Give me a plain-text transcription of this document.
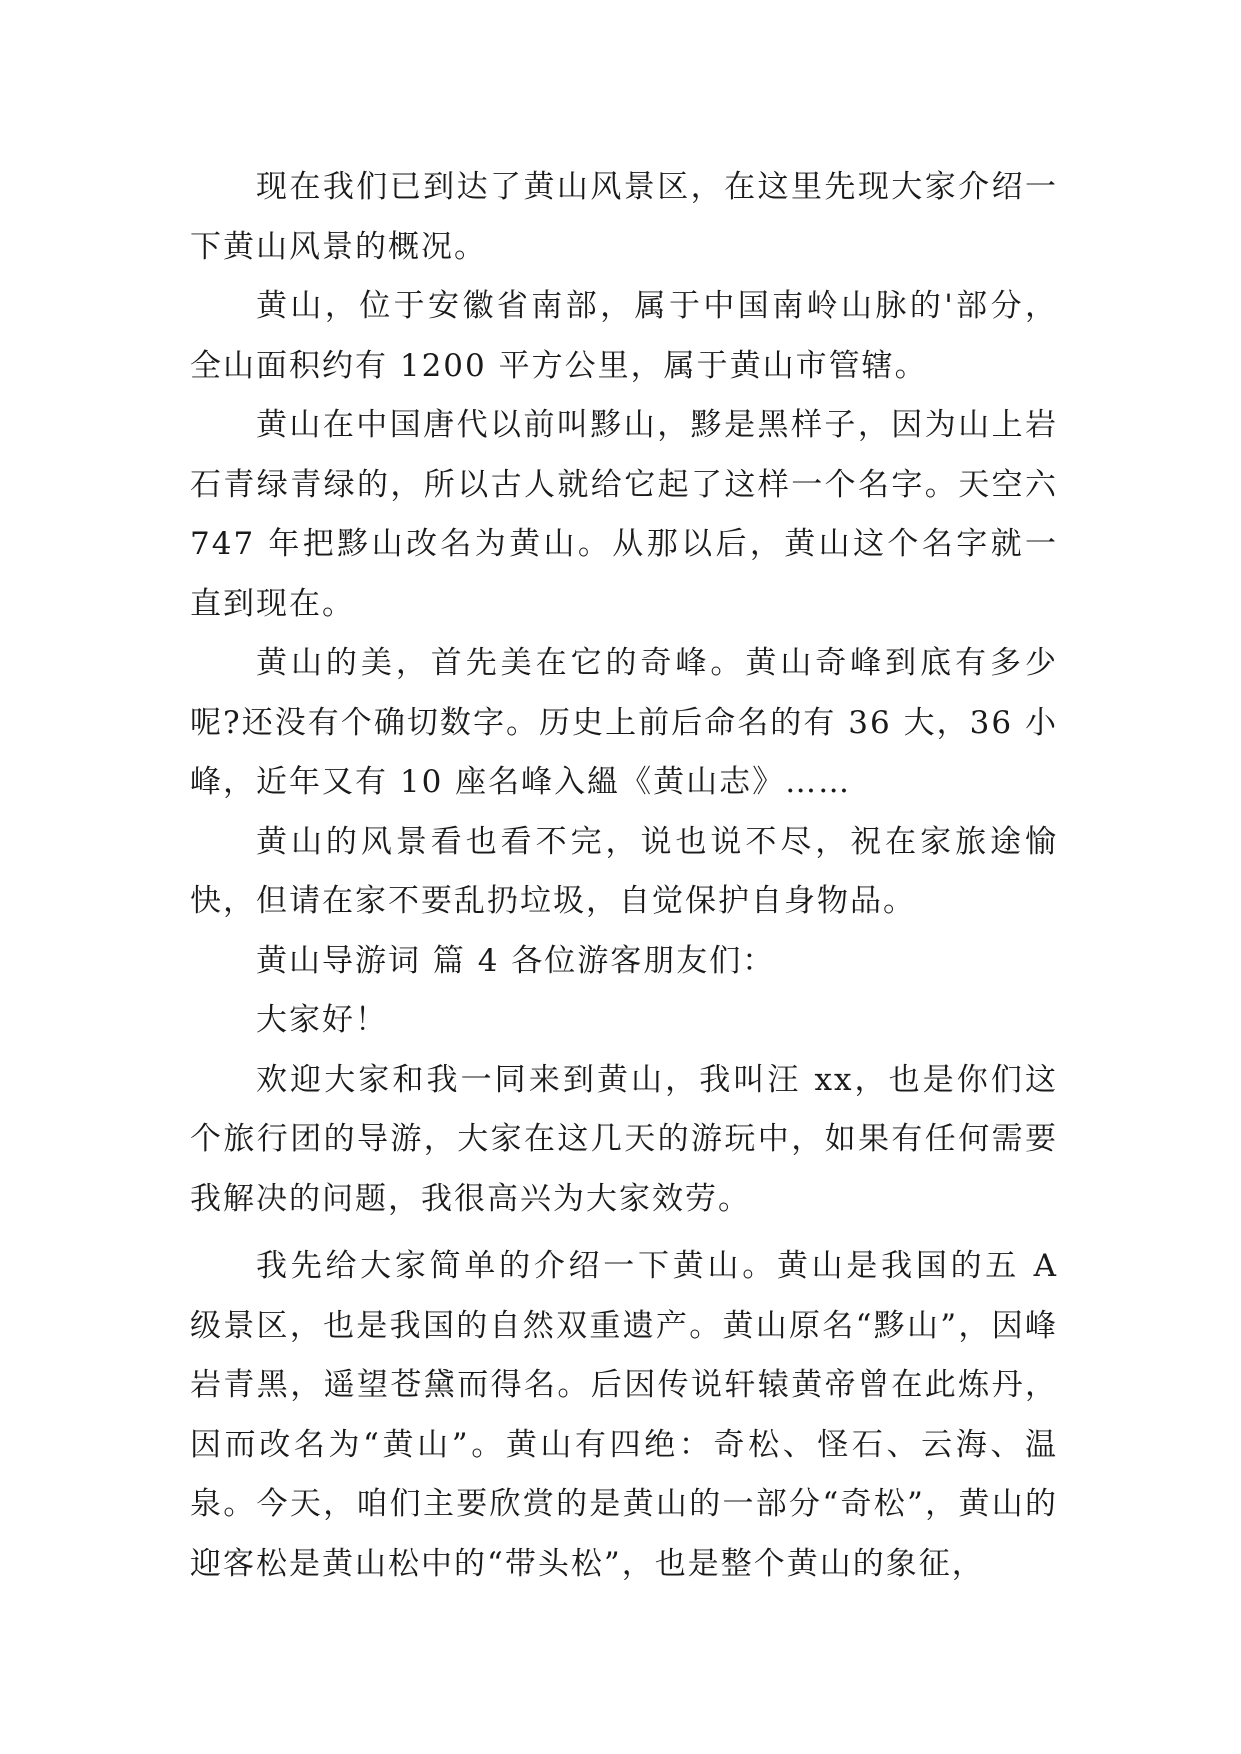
现在我们已到达了黄山风景区，在这里先现大家介绍一下黄山风景的概况。

黄山，位于安徽省南部，属于中国南岭山脉的'部分，全山面积约有 1200 平方公里，属于黄山市管辖。

黄山在中国唐代以前叫黟山，黟是黑样子，因为山上岩石青绿青绿的，所以古人就给它起了这样一个名字。天空六 747 年把黟山改名为黄山。从那以后，黄山这个名字就一直到现在。

黄山的美，首先美在它的奇峰。黄山奇峰到底有多少呢?还没有个确切数字。历史上前后命名的有 36 大，36 小峰，近年又有 10 座名峰入縕《黄山志》……

黄山的风景看也看不完，说也说不尽，祝在家旅途愉快，但请在家不要乱扔垃圾，自觉保护自身物品。

黄山导游词 篇 4 各位游客朋友们：

大家好！

欢迎大家和我一同来到黄山，我叫汪 xx，也是你们这个旅行团的导游，大家在这几天的游玩中，如果有任何需要我解决的问题，我很高兴为大家效劳。

我先给大家简单的介绍一下黄山。黄山是我国的五 A 级景区，也是我国的自然双重遗产。黄山原名“黟山”，因峰岩青黑，遥望苍黛而得名。后因传说轩辕黄帝曾在此炼丹，因而改名为“黄山”。黄山有四绝：奇松、怪石、云海、温泉。今天，咱们主要欣赏的是黄山的一部分“奇松”，黄山的迎客松是黄山松中的“带头松”，也是整个黄山的象征，
